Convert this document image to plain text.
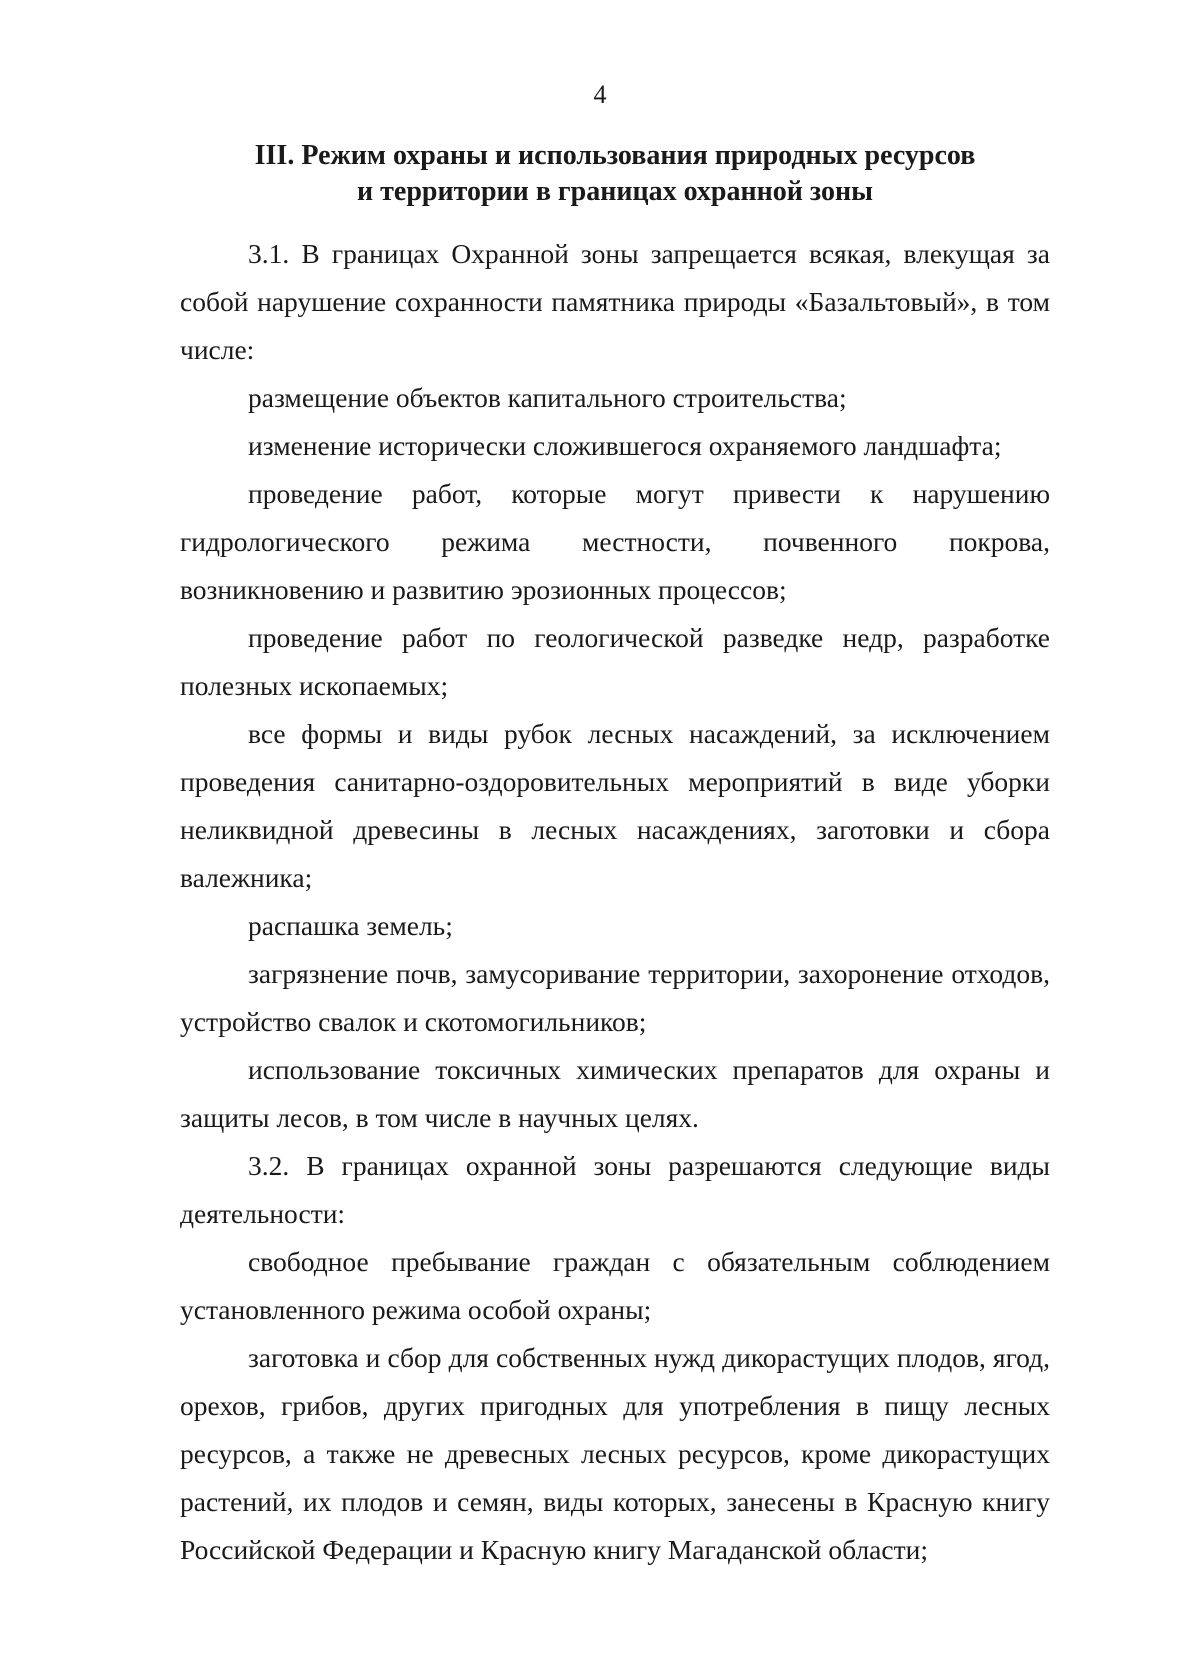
4
III. Режим охраны и использования природных ресурсов
и территории в границах охранной зоны

3.1. В границах Охранной зоны запрещается всякая, влекущая за собой нарушение сохранности памятника природы «Базальтовый», в том числе:

размещение объектов капитального строительства;

изменение исторически сложившегося охраняемого ландшафта;

проведение работ, которые могут привести к нарушению гидрологического режима местности, почвенного покрова, возникновению и развитию эрозионных процессов;

проведение работ по геологической разведке недр, разработке полезных ископаемых;

все формы и виды рубок лесных насаждений, за исключением проведения санитарно-оздоровительных мероприятий в виде уборки неликвидной древесины в лесных насаждениях, заготовки и сбора валежника;

распашка земель;

загрязнение почв, замусоривание территории, захоронение отходов, устройство свалок и скотомогильников;

использование токсичных химических препаратов для охраны и защиты лесов, в том числе в научных целях.

3.2. В границах охранной зоны разрешаются следующие виды деятельности:

свободное пребывание граждан с обязательным соблюдением установленного режима особой охраны;

заготовка и сбор для собственных нужд дикорастущих плодов, ягод, орехов, грибов, других пригодных для употребления в пищу лесных ресурсов, а также не древесных лесных ресурсов, кроме дикорастущих растений, их плодов и семян, виды которых, занесены в Красную книгу Российской Федерации и Красную книгу Магаданской области;
